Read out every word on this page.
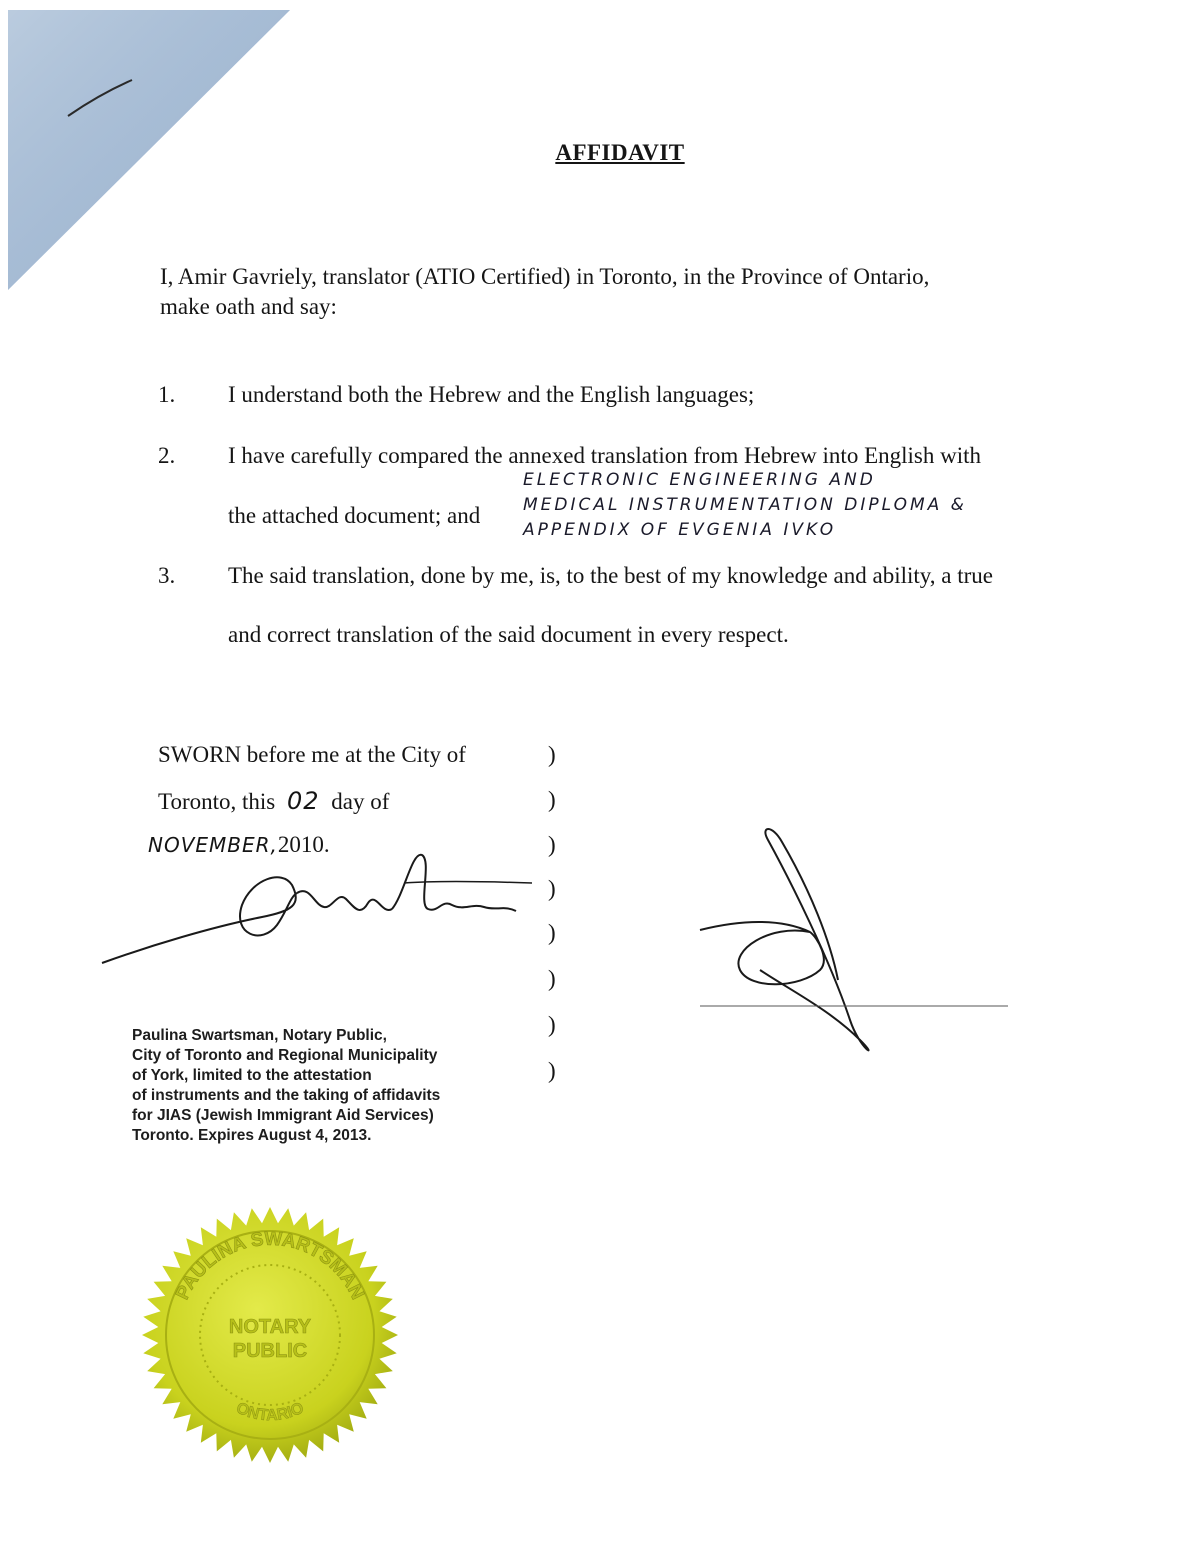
AFFIDAVIT
I, Amir Gavriely, translator (ATIO Certified) in Toronto, in the Province of Ontario,
make oath and say:
1. I understand both the Hebrew and the English languages;
2. I have carefully compared the annexed translation from Hebrew into English with
the attached document; and
ELECTRONIC ENGINEERING AND
MEDICAL INSTRUMENTATION DIPLOMA &
APPENDIX OF EVGENIA IVKO
3. The said translation, done by me, is, to the best of my knowledge and ability, a true
and correct translation of the said document in every respect.
SWORN before me at the City of
Toronto, this 02 day of
NOVEMBER,2010.
)
)
)
)
)
)
)
)
Paulina Swartsman, Notary Public,
City of Toronto and Regional Municipality
of York, limited to the attestation
of instruments and the taking of affidavits
for JIAS (Jewish Immigrant Aid Services)
Toronto. Expires August 4, 2013.
PAULINA SWARTSMAN
NOTARY
PUBLIC
ONTARIO
